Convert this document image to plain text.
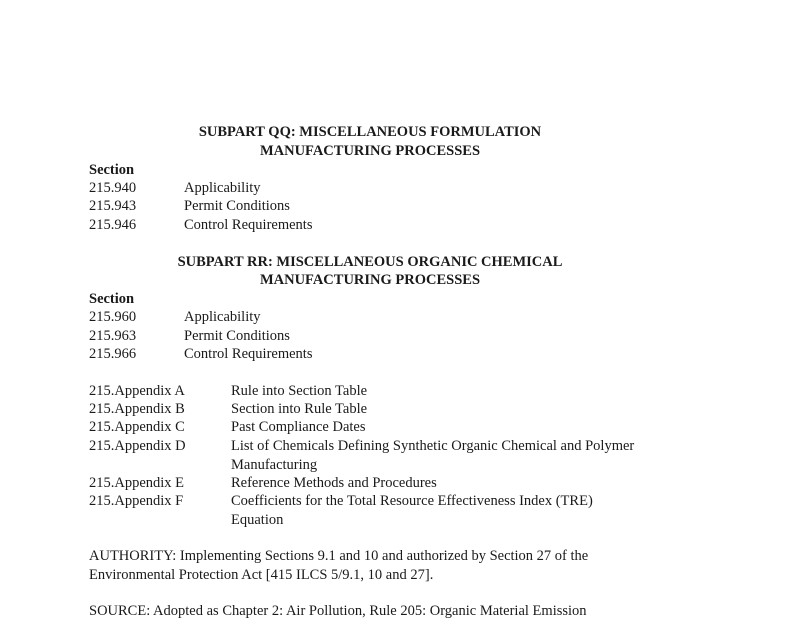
SUBPART QQ: MISCELLANEOUS FORMULATION
MANUFACTURING PROCESSES
Section
215.940	Applicability
215.943	Permit Conditions
215.946	Control Requirements
SUBPART RR: MISCELLANEOUS ORGANIC CHEMICAL
MANUFACTURING PROCESSES
Section
215.960	Applicability
215.963	Permit Conditions
215.966	Control Requirements
215.Appendix A	Rule into Section Table
215.Appendix B	Section into Rule Table
215.Appendix C	Past Compliance Dates
215.Appendix D	List of Chemicals Defining Synthetic Organic Chemical and Polymer Manufacturing
215.Appendix E	Reference Methods and Procedures
215.Appendix F	Coefficients for the Total Resource Effectiveness Index (TRE) Equation
AUTHORITY: Implementing Sections 9.1 and 10 and authorized by Section 27 of the Environmental Protection Act [415 ILCS 5/9.1, 10 and 27].
SOURCE: Adopted as Chapter 2: Air Pollution, Rule 205: Organic Material Emission
